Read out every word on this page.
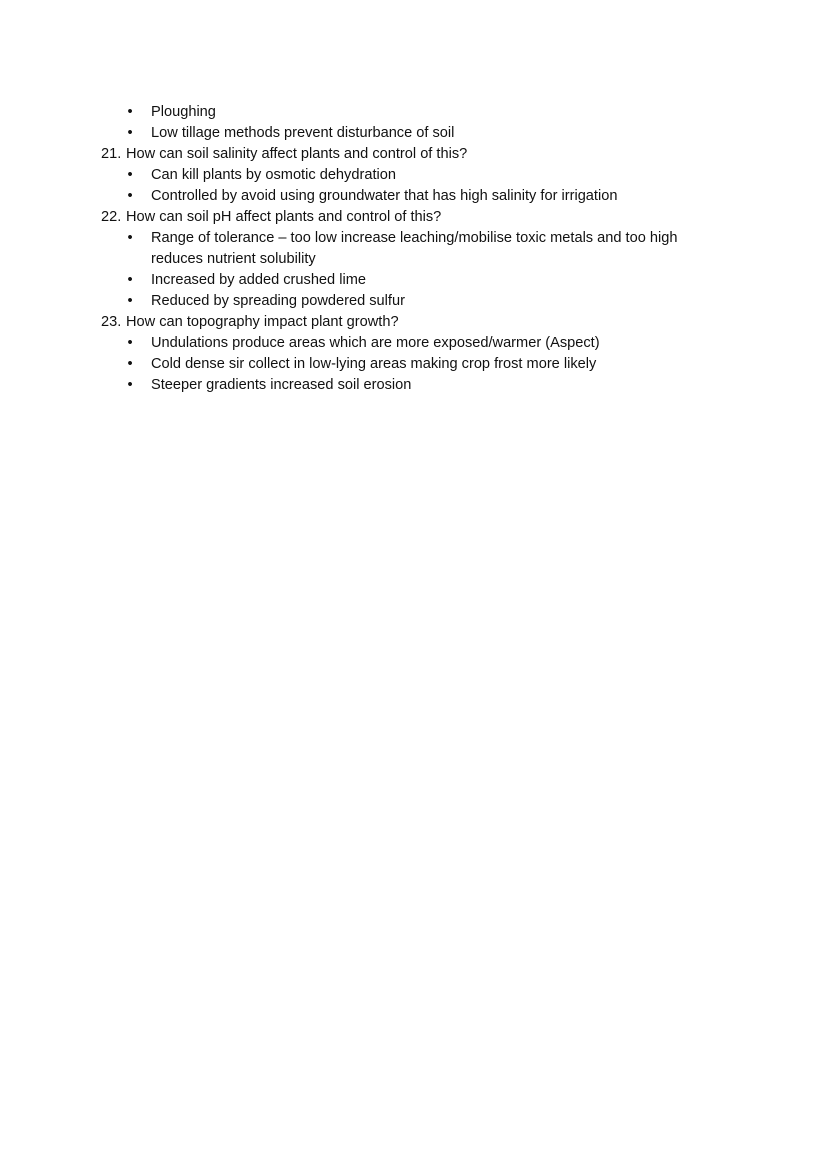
• Ploughing
• Low tillage methods prevent disturbance of soil
21. How can soil salinity affect plants and control of this?
• Can kill plants by osmotic dehydration
• Controlled by avoid using groundwater that has high salinity for irrigation
22. How can soil pH affect plants and control of this?
• Range of tolerance – too low increase leaching/mobilise toxic metals and too high
reduces nutrient solubility
• Increased by added crushed lime
• Reduced by spreading powdered sulfur
23. How can topography impact plant growth?
• Undulations produce areas which are more exposed/warmer (Aspect)
• Cold dense sir collect in low-lying areas making crop frost more likely
• Steeper gradients increased soil erosion
